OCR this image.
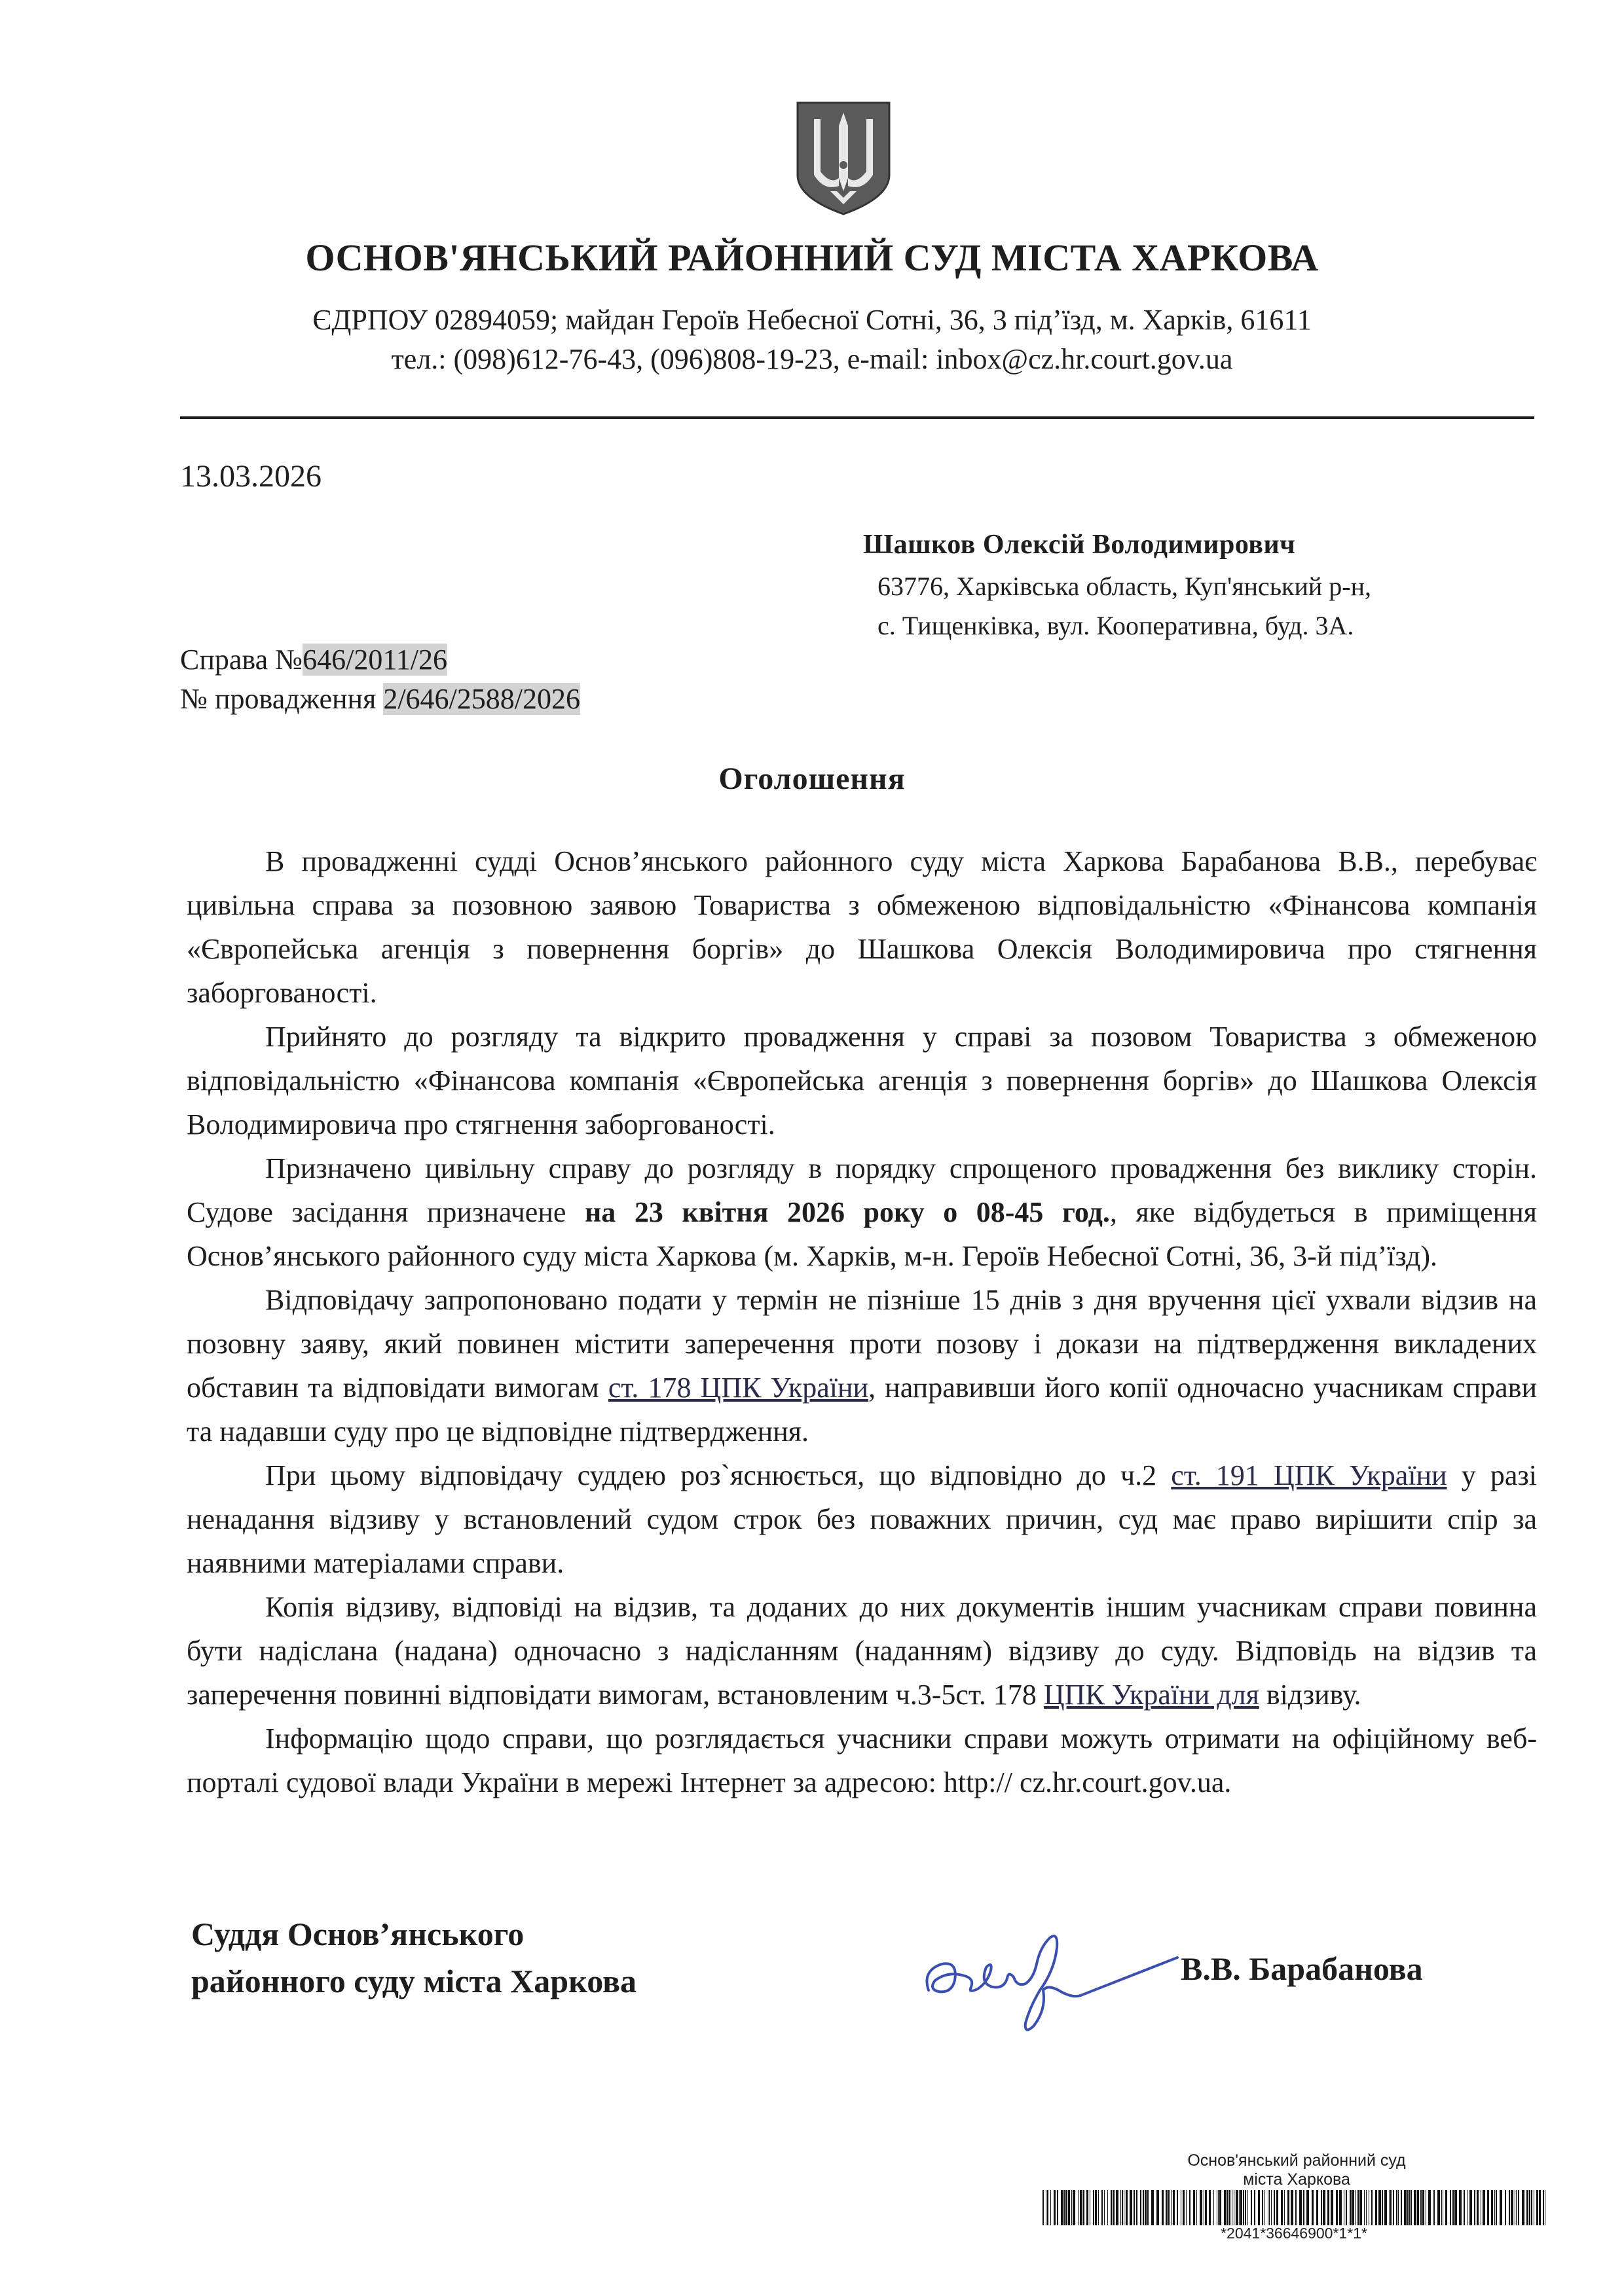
ОСНОВ'ЯНСЬКИЙ РАЙОННИЙ СУД МІСТА ХАРКОВА
ЄДРПОУ 02894059; майдан Героїв Небесної Сотні, 36, 3 під’їзд, м. Харків, 61611
тел.: (098)612-76-43, (096)808-19-23, e-mail: inbox@cz.hr.court.gov.ua
13.03.2026
Шашков Олексій Володимирович
63776, Харківська область, Куп'янський р-н,
с. Тищенківка, вул. Кооперативна, буд. 3А.
Справа №646/2011/26
№ провадження 2/646/2588/2026
Оголошення

В провадженні судді Основ’янського районного суду міста Харкова Барабанова В.В., перебуває цивільна справа за позовною заявою Товариства з обмеженою відповідальністю «Фінансова компанія «Європейська агенція з повернення боргів» до Шашкова Олексія Володимировича про стягнення заборгованості.

Прийнято до розгляду та відкрито провадження у справі за позовом Товариства з обмеженою відповідальністю «Фінансова компанія «Європейська агенція з повернення боргів» до Шашкова Олексія Володимировича про стягнення заборгованості.

Призначено цивільну справу до розгляду в порядку спрощеного провадження без виклику сторін. Судове засідання призначене на 23 квітня 2026 року о 08-45 год., яке відбудеться в приміщення Основ’янського районного суду міста Харкова (м. Харків, м-н. Героїв Небесної Сотні, 36, 3-й під’їзд).

Відповідачу запропоновано подати у термін не пізніше 15 днів з дня вручення цієї ухвали відзив на позовну заяву, який повинен містити заперечення проти позову і докази на підтвердження викладених обставин та відповідати вимогам ст. 178 ЦПК України, направивши його копії одночасно учасникам справи та надавши суду про це відповідне підтвердження.

При цьому відповідачу суддею роз`яснюється, що відповідно до ч.2 ст. 191 ЦПК України у разі ненадання відзиву у встановлений судом строк без поважних причин, суд має право вирішити спір за наявними матеріалами справи.

Копія відзиву, відповіді на відзив, та доданих до них документів іншим учасникам справи повинна бути надіслана (надана) одночасно з надісланням (наданням) відзиву до суду. Відповідь на відзив та заперечення повинні відповідати вимогам, встановленим ч.3-5ст. 178 ЦПК України для відзиву.

Інформацію щодо справи, що розглядається учасники справи можуть отримати на офіційному веб-порталі судової влади України в мережі Інтернет за адресою: http:// cz.hr.court.gov.ua.

Суддя Основ’янського
районного суду міста Харкова	В.В. Барабанова
Основ'янський районний суд
міста Харкова
*2041*36646900*1*1*
